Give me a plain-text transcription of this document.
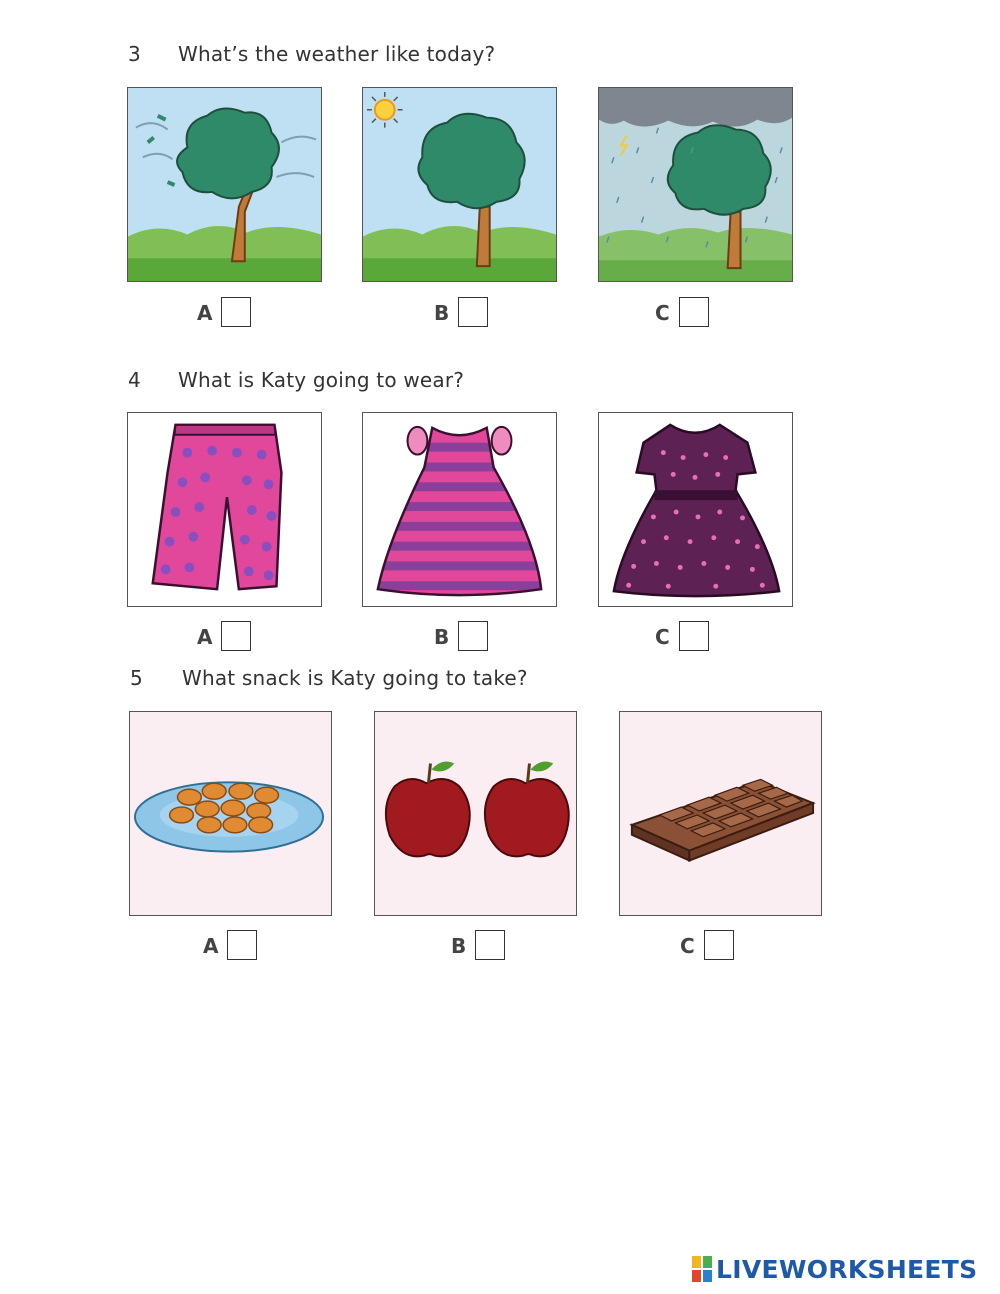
3 What’s the weather like today?
A	B	C
4 What is Katy going to wear?
A	B	C
5 What snack is Katy going to take?
A	B	C
LIVEWORKSHEETS
